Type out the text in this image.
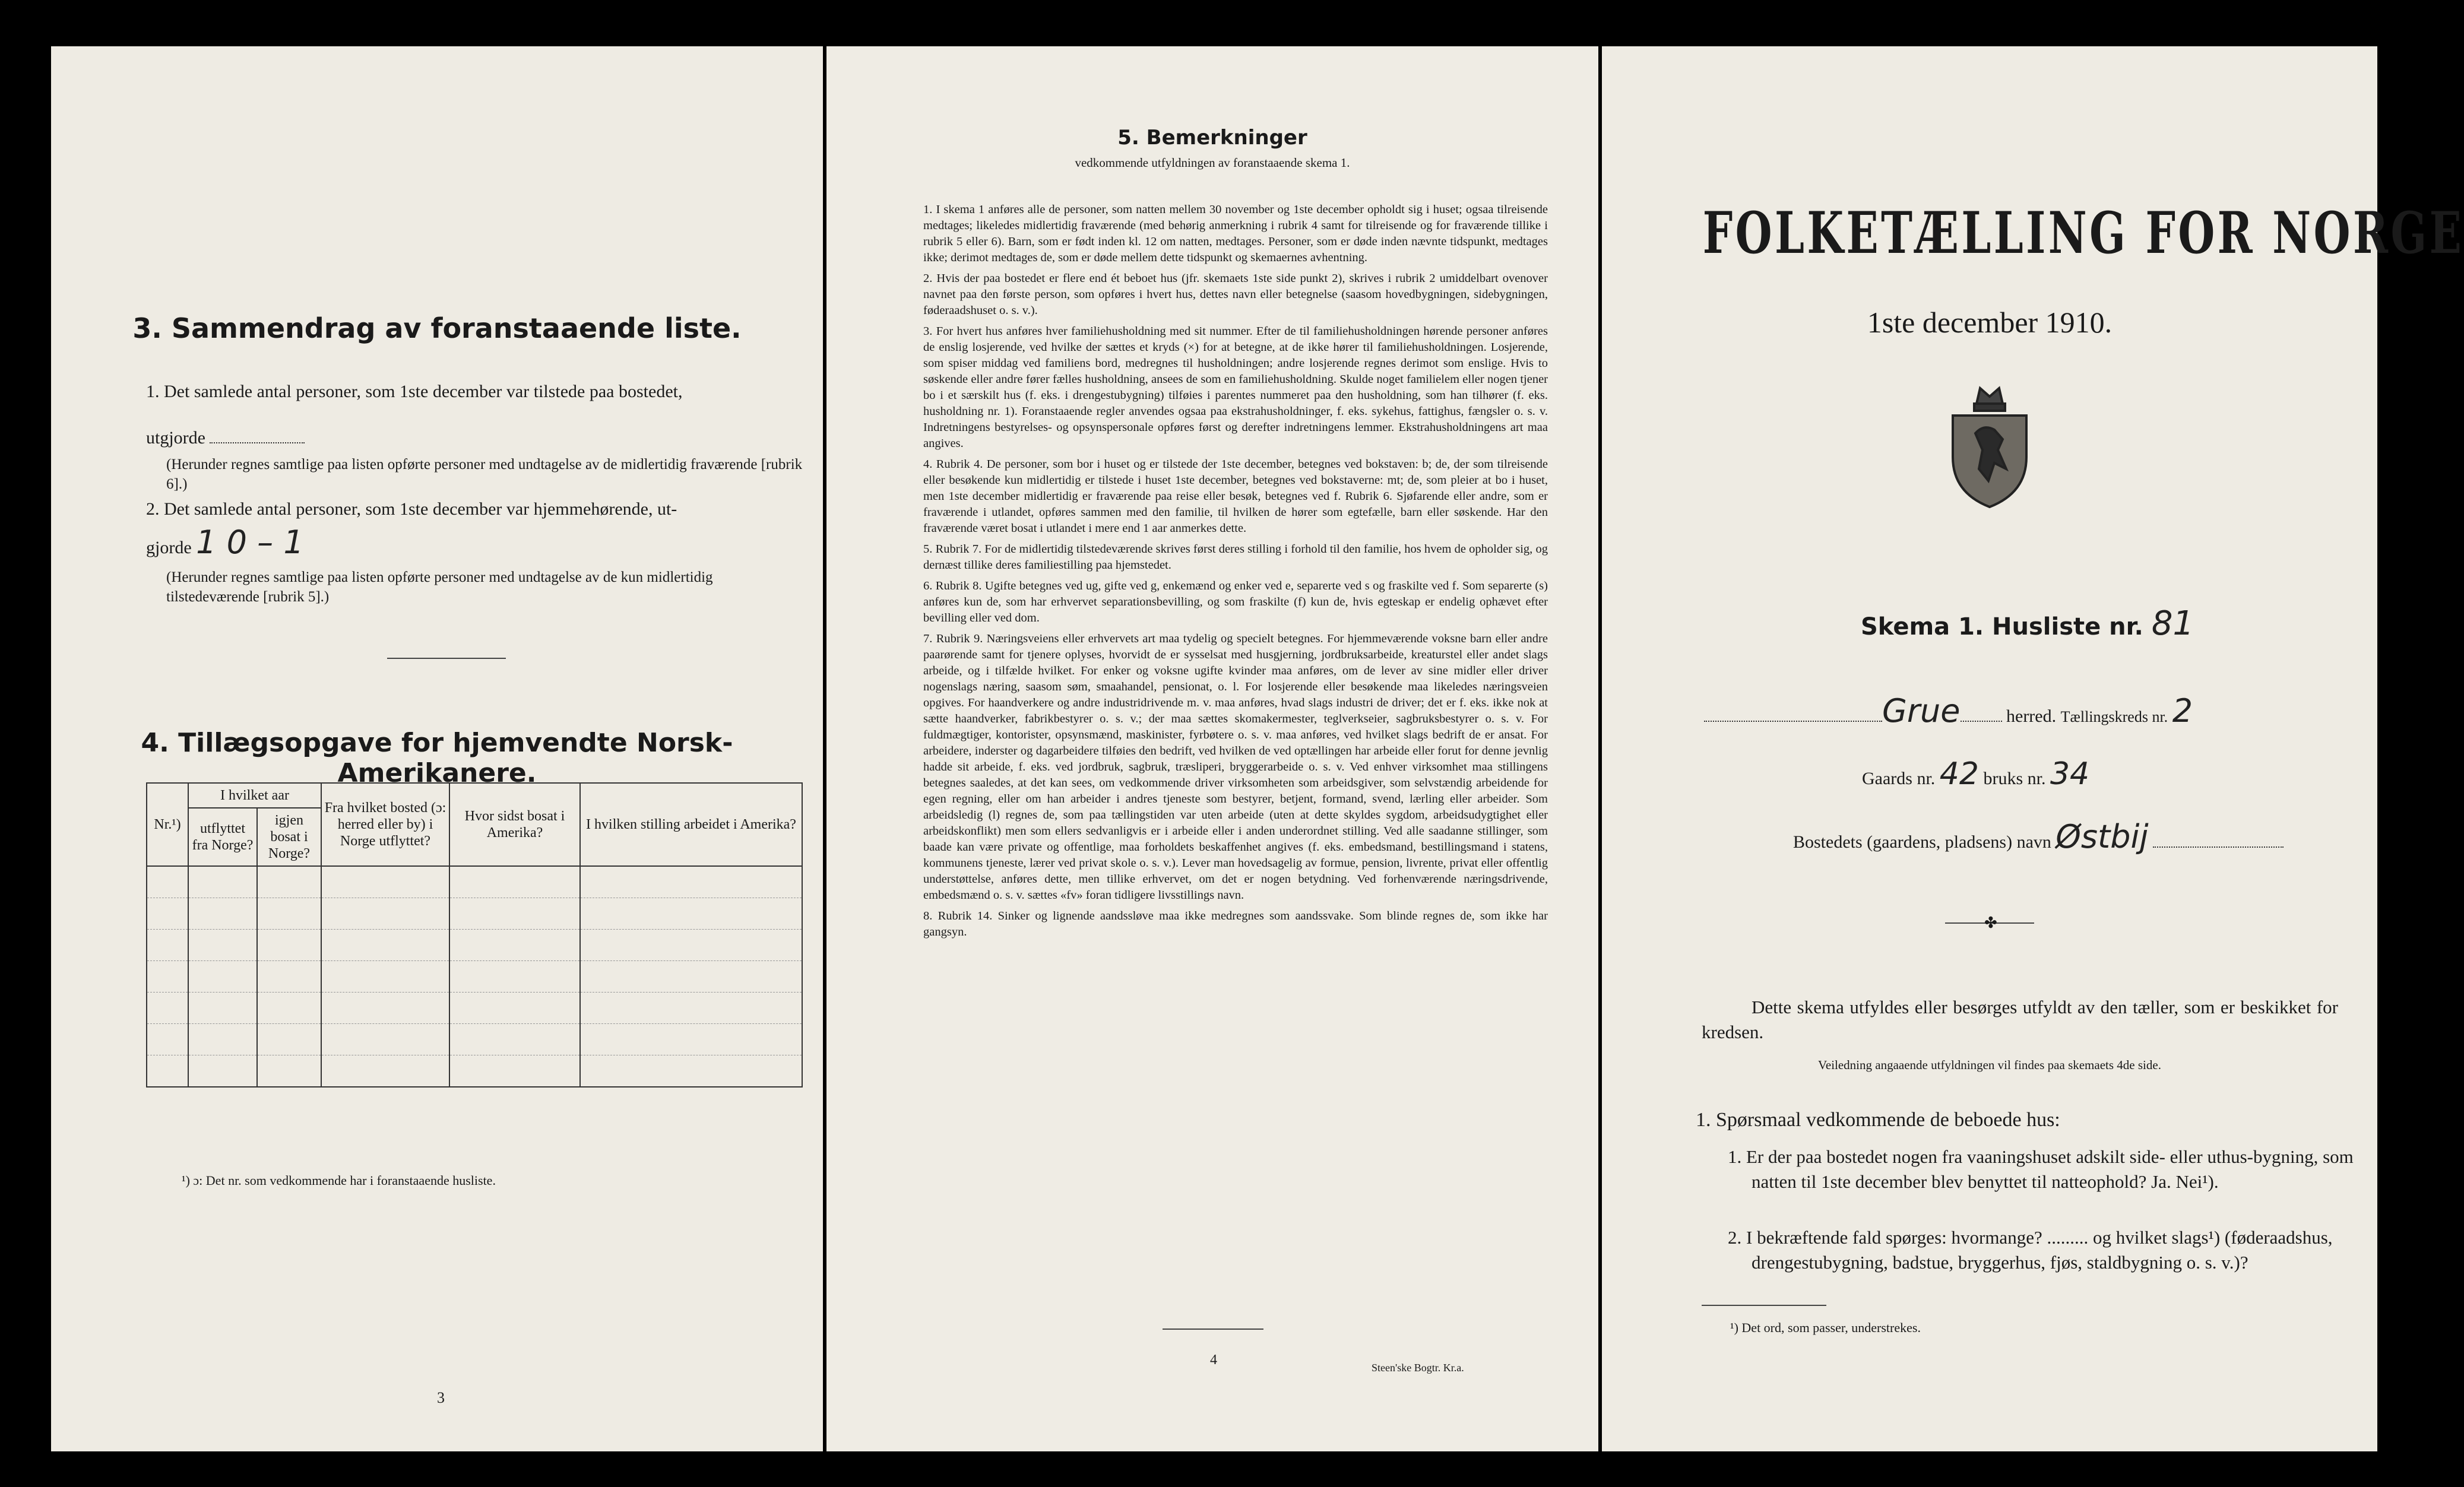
3. Sammendrag av foranstaaende liste.
1. Det samlede antal personer, som 1ste december var tilstede paa bostedet,
utgjorde
(Herunder regnes samtlige paa listen opførte personer med undtagelse av de midlertidig fraværende [rubrik 6].)
2. Det samlede antal personer, som 1ste december var hjemmehørende, ut-
gjorde 1 0 – 1
(Herunder regnes samtlige paa listen opførte personer med undtagelse av de kun midlertidig tilstedeværende [rubrik 5].)
4. Tillægsopgave for hjemvendte Norsk-Amerikanere.
Nr.¹)	I hvilket aar		Fra hvilket bosted (ɔ: herred eller by) i Norge utflyttet?	Hvor sidst bosat i Amerika?	I hvilken stilling arbeidet i Amerika?
	utflyttet fra Norge?	igjen bosat i Norge?			

¹) ɔ: Det nr. som vedkommende har i foranstaaende husliste.
3
5. Bemerkninger
vedkommende utfyldningen av foranstaaende skema 1.
1. I skema 1 anføres alle de personer, som natten mellem 30 november og 1ste december opholdt sig i huset; ogsaa tilreisende medtages; likeledes midlertidig fraværende (med behørig anmerkning i rubrik 4 samt for tilreisende og for fraværende tillike i rubrik 5 eller 6). Barn, som er født inden kl. 12 om natten, medtages. Personer, som er døde inden nævnte tidspunkt, medtages ikke; derimot medtages de, som er døde mellem dette tidspunkt og skemaernes avhentning.
2. Hvis der paa bostedet er flere end ét beboet hus (jfr. skemaets 1ste side punkt 2), skrives i rubrik 2 umiddelbart ovenover navnet paa den første person, som opføres i hvert hus, dettes navn eller betegnelse (saasom hovedbygningen, sidebygningen, føderaadshuset o. s. v.).
3. For hvert hus anføres hver familiehusholdning med sit nummer. Efter de til familiehusholdningen hørende personer anføres de enslig losjerende, ved hvilke der sættes et kryds (×) for at betegne, at de ikke hører til familiehusholdningen. Losjerende, som spiser middag ved familiens bord, medregnes til husholdningen; andre losjerende regnes derimot som enslige. Hvis to søskende eller andre fører fælles husholdning, ansees de som en familiehusholdning. Skulde noget familielem eller nogen tjener bo i et særskilt hus (f. eks. i drengestubygning) tilføies i parentes nummeret paa den husholdning, som han tilhører (f. eks. husholdning nr. 1). Foranstaaende regler anvendes ogsaa paa ekstrahusholdninger, f. eks. sykehus, fattighus, fængsler o. s. v. Indretningens bestyrelses- og opsynspersonale opføres først og derefter indretningens lemmer. Ekstrahusholdningens art maa angives.
4. Rubrik 4. De personer, som bor i huset og er tilstede der 1ste december, betegnes ved bokstaven: b; de, der som tilreisende eller besøkende kun midlertidig er tilstede i huset 1ste december, betegnes ved bokstaverne: mt; de, som pleier at bo i huset, men 1ste december midlertidig er fraværende paa reise eller besøk, betegnes ved f. Rubrik 6. Sjøfarende eller andre, som er fraværende i utlandet, opføres sammen med den familie, til hvilken de hører som egtefælle, barn eller søskende. Har den fraværende været bosat i utlandet i mere end 1 aar anmerkes dette.
5. Rubrik 7. For de midlertidig tilstedeværende skrives først deres stilling i forhold til den familie, hos hvem de opholder sig, og dernæst tillike deres familiestilling paa hjemstedet.
6. Rubrik 8. Ugifte betegnes ved ug, gifte ved g, enkemænd og enker ved e, separerte ved s og fraskilte ved f. Som separerte (s) anføres kun de, som har erhvervet separationsbevilling, og som fraskilte (f) kun de, hvis egteskap er endelig ophævet efter bevilling eller ved dom.
7. Rubrik 9. Næringsveiens eller erhvervets art maa tydelig og specielt betegnes. For hjemmeværende voksne barn eller andre paarørende samt for tjenere oplyses, hvorvidt de er sysselsat med husgjerning, jordbruksarbeide, kreaturstel eller andet slags arbeide, og i tilfælde hvilket. For enker og voksne ugifte kvinder maa anføres, om de lever av sine midler eller driver nogenslags næring, saasom søm, smaahandel, pensionat, o. l. For losjerende eller besøkende maa likeledes næringsveien opgives. For haandverkere og andre industridrivende m. v. maa anføres, hvad slags industri de driver; det er f. eks. ikke nok at sætte haandverker, fabrikbestyrer o. s. v.; der maa sættes skomakermester, teglverkseier, sagbruksbestyrer o. s. v. For fuldmægtiger, kontorister, opsynsmænd, maskinister, fyrbøtere o. s. v. maa anføres, ved hvilket slags bedrift de er ansat. For arbeidere, inderster og dagarbeidere tilføies den bedrift, ved hvilken de ved optællingen har arbeide eller forut for denne jevnlig hadde sit arbeide, f. eks. ved jordbruk, sagbruk, træsliperi, bryggerarbeide o. s. v. Ved enhver virksomhet maa stillingens betegnes saaledes, at det kan sees, om vedkommende driver virksomheten som arbeidsgiver, som selvstændig arbeidende for egen regning, eller om han arbeider i andres tjeneste som bestyrer, betjent, formand, svend, lærling eller arbeider. Som arbeidsledig (l) regnes de, som paa tællingstiden var uten arbeide (uten at dette skyldes sygdom, arbeidsudygtighet eller arbeidskonflikt) men som ellers sedvanligvis er i arbeide eller i anden underordnet stilling. Ved alle saadanne stillinger, som baade kan være private og offentlige, maa forholdets beskaffenhet angives (f. eks. embedsmand, bestillingsmand i statens, kommunens tjeneste, lærer ved privat skole o. s. v.). Lever man hovedsagelig av formue, pension, livrente, privat eller offentlig understøttelse, anføres dette, men tillike erhvervet, om det er nogen betydning. Ved forhenværende næringsdrivende, embedsmænd o. s. v. sættes «fv» foran tidligere livsstillings navn.
8. Rubrik 14. Sinker og lignende aandssløve maa ikke medregnes som aandssvake. Som blinde regnes de, som ikke har gangsyn.
4	Steen'ske Bogtr. Kr.a.
FOLKETÆLLING FOR NORGE
1ste december 1910.
Skema 1. Husliste nr. 81
Grue	herred. Tællingskreds nr. 2
Gaards nr. 42 bruks nr. 34
Bostedets (gaardens, pladsens) navn Østbij
✤
Dette skema utfyldes eller besørges utfyldt av den tæller, som er beskikket for kredsen.
Veiledning angaaende utfyldningen vil findes paa skemaets 4de side.
1. Spørsmaal vedkommende de beboede hus:
1. Er der paa bostedet nogen fra vaaningshuset adskilt side- eller uthus-bygning, som natten til 1ste december blev benyttet til natteophold? Ja. Nei¹).
2. I bekræftende fald spørges: hvormange? ......... og hvilket slags¹) (føderaadshus, drengestubygning, badstue, bryggerhus, fjøs, staldbygning o. s. v.)?
¹) Det ord, som passer, understrekes.
